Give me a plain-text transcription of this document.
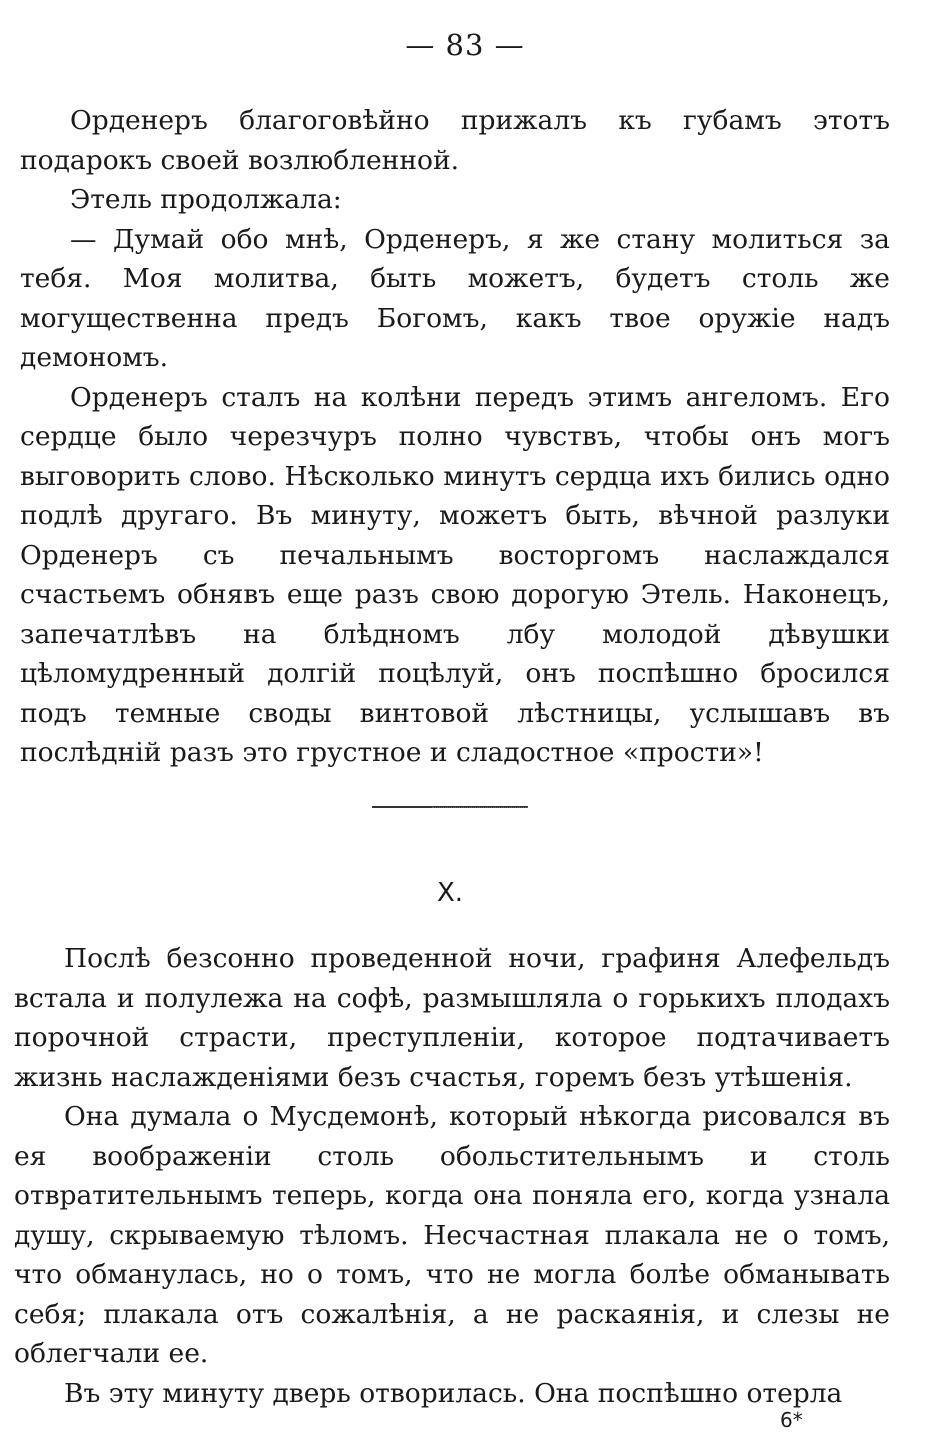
— 83 —

Орденеръ благоговѣйно прижалъ къ губамъ этотъ подарокъ своей возлюбленной.

Этель продолжала:

— Думай обо мнѣ, Орденеръ, я же стану молиться за тебя. Моя молитва, быть можетъ, будетъ столь же могущественна предъ Богомъ, какъ твое оружіе надъ демономъ.

Орденеръ сталъ на колѣни передъ этимъ ангеломъ. Его сердце было черезчуръ полно чувствъ, чтобы онъ могъ выговорить слово. Нѣсколько минутъ сердца ихъ бились одно подлѣ другаго. Въ минуту, можетъ быть, вѣчной разлуки Орденеръ съ печальнымъ восторгомъ наслаждался счастьемъ обнявъ еще разъ свою дорогую Этель. Наконецъ, запечатлѣвъ на блѣдномъ лбу молодой дѣвушки цѣломудренный долгій поцѣлуй, онъ поспѣшно бросился подъ темные своды винтовой лѣстницы, услышавъ въ послѣдній разъ это грустное и сладостное «прости»!

X.

Послѣ безсонно проведенной ночи, графиня Алефельдъ встала и полулежа на софѣ, размышляла о горькихъ плодахъ порочной страсти, преступленіи, которое подтачиваетъ жизнь наслажденіями безъ счастья, горемъ безъ утѣшенія.

Она думала о Мусдемонѣ, который нѣкогда рисовался въ ея воображеніи столь обольстительнымъ и столь отвратительнымъ теперь, когда она поняла его, когда узнала душу, скрываемую тѣломъ. Несчастная плакала не о томъ, что обманулась, но о томъ, что не могла болѣе обманывать себя; плакала отъ сожалѣнія, а не раскаянія, и слезы не облегчали ее.

Въ эту минуту дверь отворилась. Она поспѣшно отерла

6*
